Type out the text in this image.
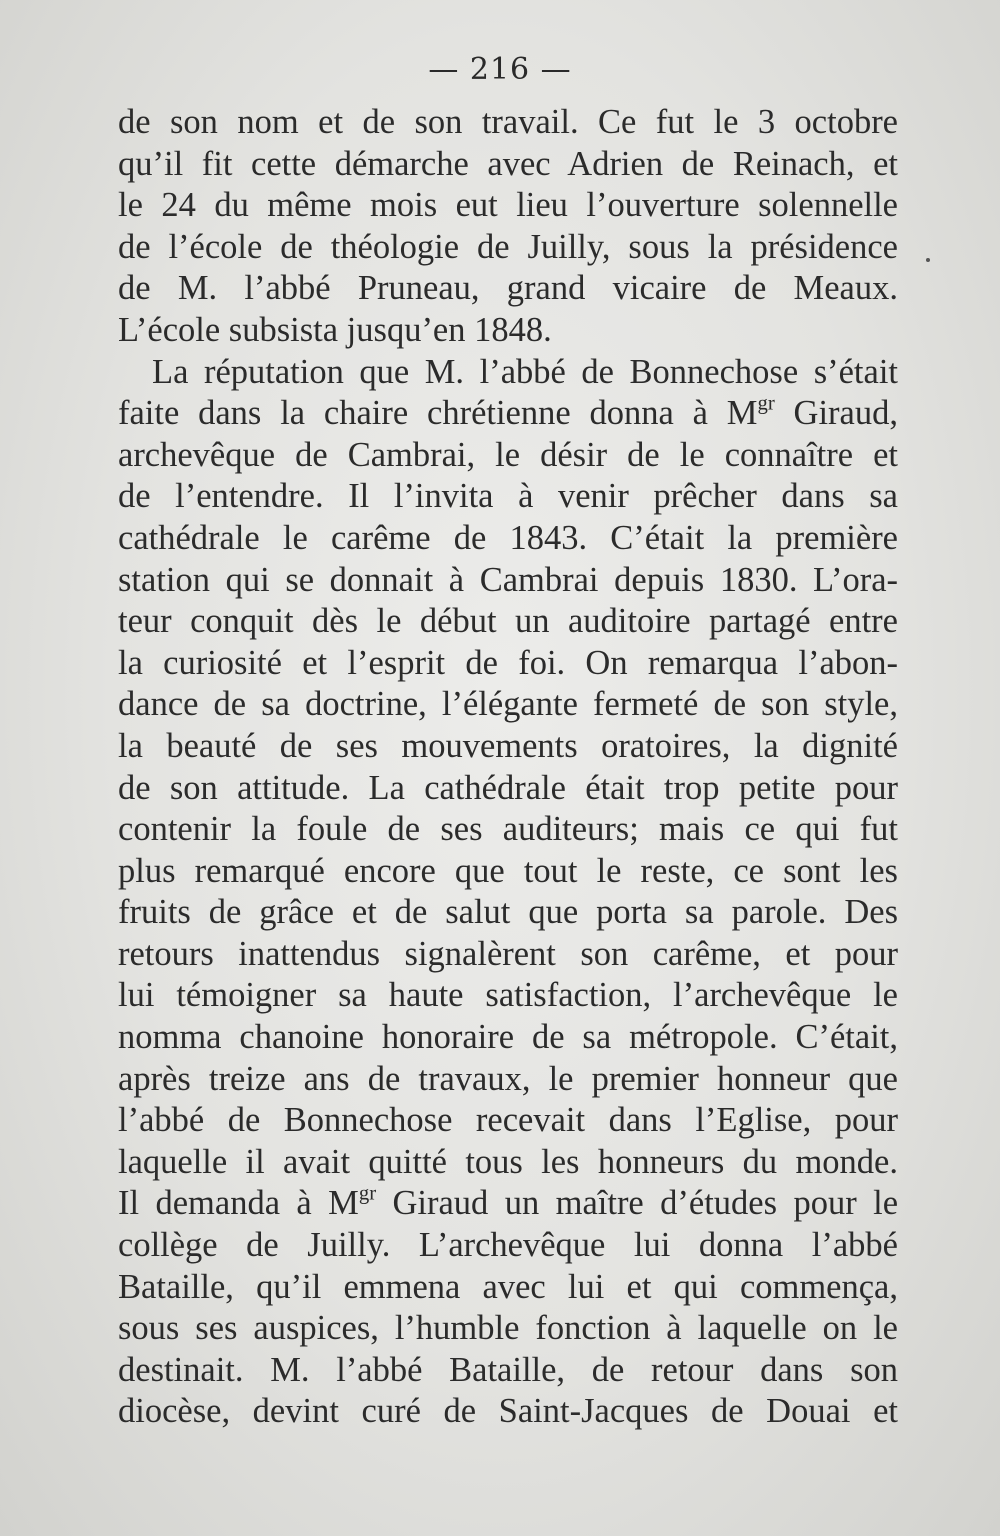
— 216 —
de son nom et de son travail. Ce fut le 3 octobre
qu’il fit cette démarche avec Adrien de Reinach, et
le 24 du même mois eut lieu l’ouverture solennelle
de l’école de théologie de Juilly, sous la présidence
de M. l’abbé Pruneau, grand vicaire de Meaux.
L’école subsista jusqu’en 1848.
La réputation que M. l’abbé de Bonnechose s’était
faite dans la chaire chrétienne donna à $M^{gr}$ Giraud,
archevêque de Cambrai, le désir de le connaître et
de l’entendre. Il l’invita à venir prêcher dans sa
cathédrale le carême de 1843. C’était la première
station qui se donnait à Cambrai depuis 1830. L’ora-
teur conquit dès le début un auditoire partagé entre
la curiosité et l’esprit de foi. On remarqua l’abon-
dance de sa doctrine, l’élégante fermeté de son style,
la beauté de ses mouvements oratoires, la dignité
de son attitude. La cathédrale était trop petite pour
contenir la foule de ses auditeurs; mais ce qui fut
plus remarqué encore que tout le reste, ce sont les
fruits de grâce et de salut que porta sa parole. Des
retours inattendus signalèrent son carême, et pour
lui témoigner sa haute satisfaction, l’archevêque le
nomma chanoine honoraire de sa métropole. C’était,
après treize ans de travaux, le premier honneur que
l’abbé de Bonnechose recevait dans l’Eglise, pour
laquelle il avait quitté tous les honneurs du monde.
Il demanda à $M^{gr}$ Giraud un maître d’études pour le
collège de Juilly. L’archevêque lui donna l’abbé
Bataille, qu’il emmena avec lui et qui commença,
sous ses auspices, l’humble fonction à laquelle on le
destinait. M. l’abbé Bataille, de retour dans son
diocèse, devint curé de Saint-Jacques de Douai et
